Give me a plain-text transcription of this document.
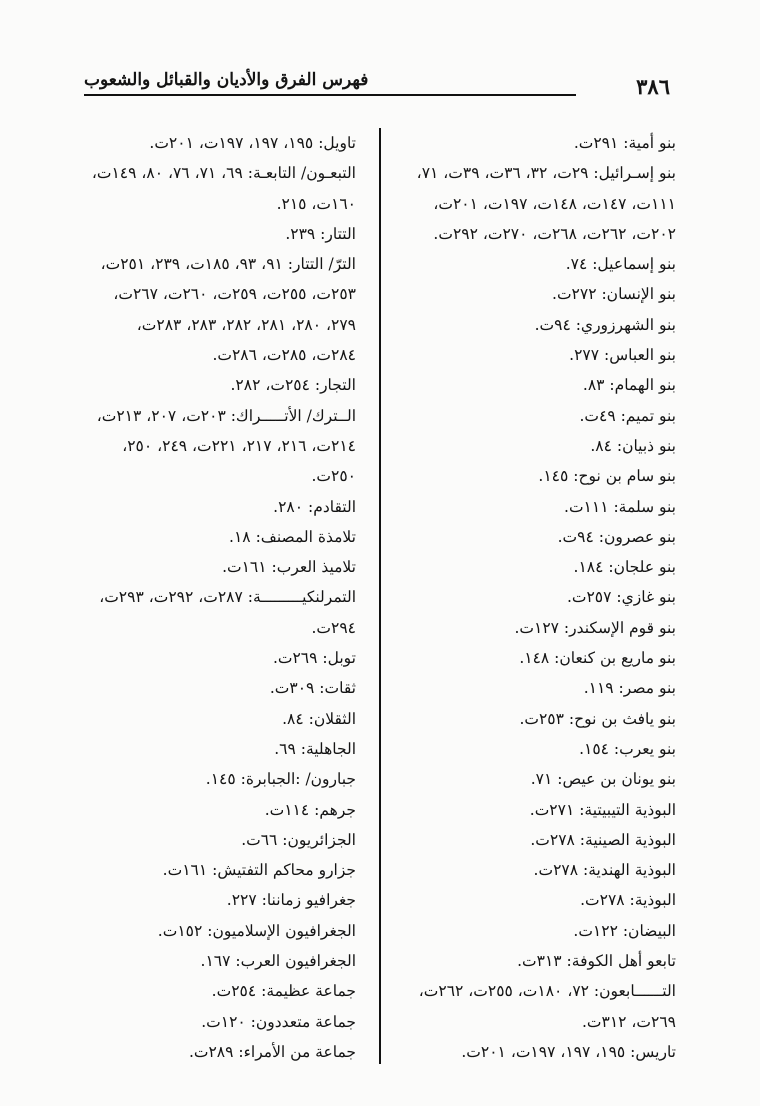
٣٨٦
فهرس الفرق والأديان والقبائل والشعوب
بنو أمية: ٢٩١ت.
بنو إسـرائيل: ٢٩ت، ٣٢، ٣٦ت، ٣٩ت، ٧١،
١١١ت، ١٤٧ت، ١٤٨ت، ١٩٧ت، ٢٠١ت،
٢٠٢ت، ٢٦٢ت، ٢٦٨ت، ٢٧٠ت، ٢٩٢ت.
بنو إسماعيل: ٧٤.
بنو الإنسان: ٢٧٢ت.
بنو الشهرزوري: ٩٤ت.
بنو العباس: ٢٧٧.
بنو الهمام: ٨٣.
بنو تميم: ٤٩ت.
بنو ذبيان: ٨٤.
بنو سام بن نوح: ١٤٥.
بنو سلمة: ١١١ت.
بنو عصرون: ٩٤ت.
بنو علجان: ١٨٤.
بنو غازي: ٢٥٧ت.
بنو قوم الإسكندر: ١٢٧ت.
بنو ماريع بن كنعان: ١٤٨.
بنو مصر: ١١٩.
بنو يافث بن نوح: ٢٥٣ت.
بنو يعرب: ١٥٤.
بنو يونان بن عيص: ٧١.
البوذية التيبيتية: ٢٧١ت.
البوذية الصينية: ٢٧٨ت.
البوذية الهندية: ٢٧٨ت.
البوذية: ٢٧٨ت.
البيضان: ١٢٢ت.
تابعو أهل الكوفة: ٣١٣ت.
التــــــابعون: ٧٢، ١٨٠ت، ٢٥٥ت، ٢٦٢ت،
٢٦٩ت، ٣١٢ت.
تاريس: ١٩٥، ١٩٧، ١٩٧ت، ٢٠١ت.
تاويل: ١٩٥، ١٩٧، ١٩٧ت، ٢٠١ت.
التبعـون/ التابعـة: ٦٩، ٧١، ٧٦، ٨٠، ١٤٩ت،
١٦٠ت، ٢١٥.
التتار: ٢٣٩.
الترّ/ التتار: ٩١، ٩٣، ١٨٥ت، ٢٣٩، ٢٥١ت،
٢٥٣ت، ٢٥٥ت، ٢٥٩ت، ٢٦٠ت، ٢٦٧ت،
٢٧٩، ٢٨٠، ٢٨١، ٢٨٢، ٢٨٣، ٢٨٣ت،
٢٨٤ت، ٢٨٥ت، ٢٨٦ت.
التجار: ٢٥٤ت، ٢٨٢.
الــترك/ الأتـــــراك: ٢٠٣ت، ٢٠٧، ٢١٣ت،
٢١٤ت، ٢١٦، ٢١٧، ٢٢١ت، ٢٤٩، ٢٥٠،
٢٥٠ت.
التقادم: ٢٨٠.
تلامذة المصنف: ١٨.
تلاميذ العرب: ١٦١ت.
التمرلنكيـــــــــة: ٢٨٧ت، ٢٩٢ت، ٢٩٣ت،
٢٩٤ت.
توبل: ٢٦٩ت.
ثقات: ٣٠٩ت.
الثقلان: ٨٤.
الجاهلية: ٦٩.
جبارون/ :الجبابرة: ١٤٥.
جرهم: ١١٤ت.
الجزائريون: ٦٦ت.
جزارو محاكم التفتيش: ١٦١ت.
جغرافيو زماننا: ٢٢٧.
الجغرافيون الإسلاميون: ١٥٢ت.
الجغرافيون العرب: ١٦٧.
جماعة عظيمة: ٢٥٤ت.
جماعة متعددون: ١٢٠ت.
جماعة من الأمراء: ٢٨٩ت.
